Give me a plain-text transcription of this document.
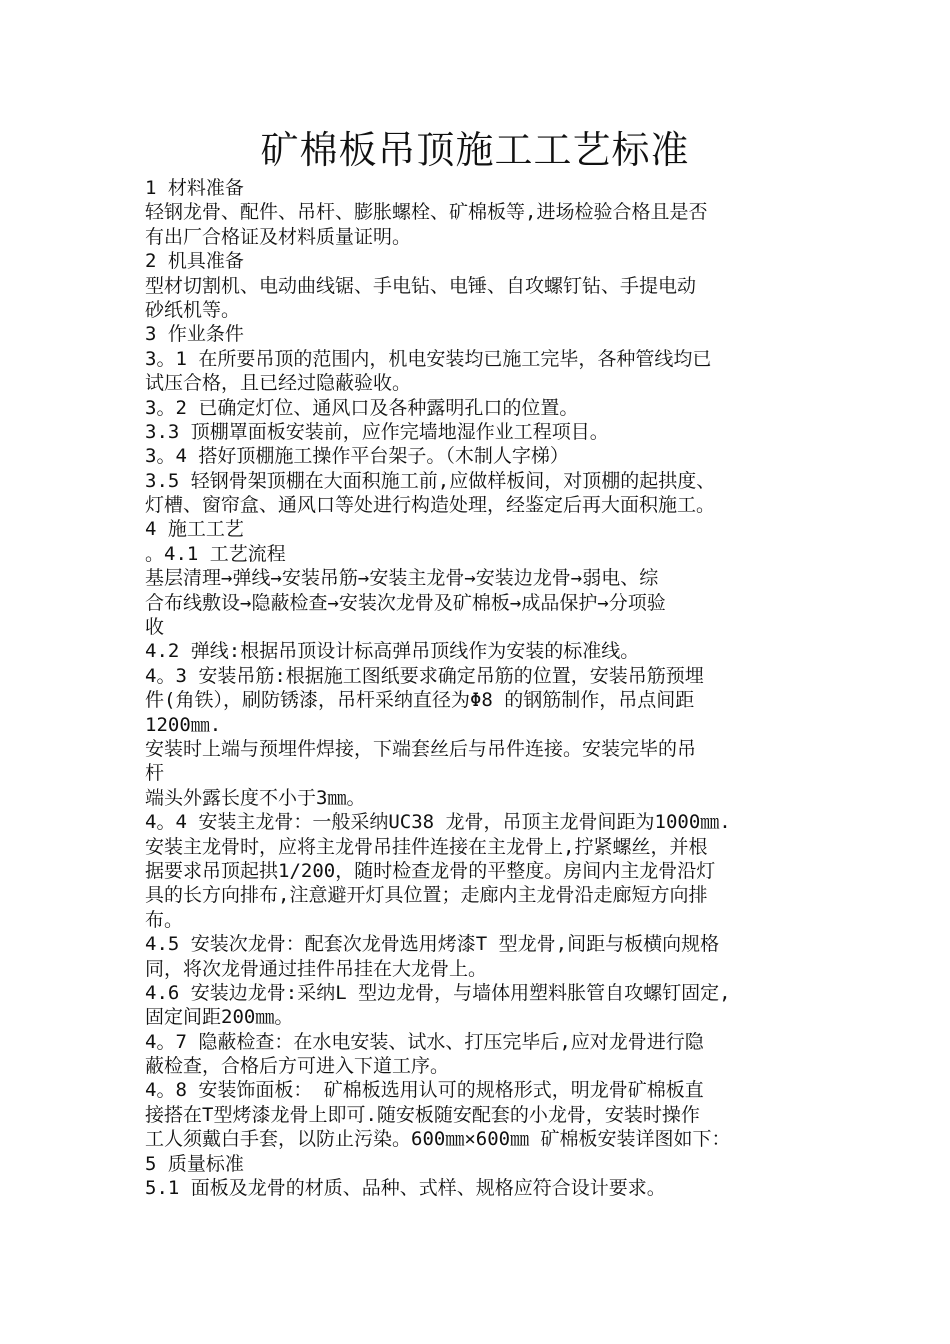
矿棉板吊顶施工工艺标准
1 材料准备
轻钢龙骨、配件、吊杆、膨胀螺栓、矿棉板等,进场检验合格且是否
有出厂合格证及材料质量证明。
2 机具准备
型材切割机、电动曲线锯、手电钻、电锤、自攻螺钉钻、手提电动
砂纸机等。
3 作业条件
3。1 在所要吊顶的范围内，机电安装均已施工完毕，各种管线均已
试压合格，且已经过隐蔽验收。
3。2 已确定灯位、通风口及各种露明孔口的位置。
3.3 顶棚罩面板安装前，应作完墙地湿作业工程项目。
3。4 搭好顶棚施工操作平台架子。（木制人字梯）
3.5 轻钢骨架顶棚在大面积施工前,应做样板间，对顶棚的起拱度、
灯槽、窗帘盒、通风口等处进行构造处理，经鉴定后再大面积施工。
4 施工工艺
。4.1 工艺流程
基层清理→弹线→安装吊筋→安装主龙骨→安装边龙骨→弱电、综
合布线敷设→隐蔽检查→安装次龙骨及矿棉板→成品保护→分项验
收
4.2 弹线:根据吊顶设计标高弹吊顶线作为安装的标准线。
4。3 安装吊筋:根据施工图纸要求确定吊筋的位置，安装吊筋预埋
件(角铁），刷防锈漆，吊杆采纳直径为Φ8 的钢筋制作，吊点间距
1200㎜.
安装时上端与预埋件焊接，下端套丝后与吊件连接。安装完毕的吊
杆
端头外露长度不小于3㎜。
4。4 安装主龙骨：一般采纳UC38 龙骨，吊顶主龙骨间距为1000㎜.
安装主龙骨时，应将主龙骨吊挂件连接在主龙骨上,拧紧螺丝，并根
据要求吊顶起拱1/200，随时检查龙骨的平整度。房间内主龙骨沿灯
具的长方向排布,注意避开灯具位置；走廊内主龙骨沿走廊短方向排
布。
4.5 安装次龙骨：配套次龙骨选用烤漆T 型龙骨,间距与板横向规格
同，将次龙骨通过挂件吊挂在大龙骨上。
4.6 安装边龙骨:采纳L 型边龙骨，与墙体用塑料胀管自攻螺钉固定,
固定间距200㎜。
4。7 隐蔽检查：在水电安装、试水、打压完毕后,应对龙骨进行隐
蔽检查，合格后方可进入下道工序。
4。8 安装饰面板： 矿棉板选用认可的规格形式，明龙骨矿棉板直
接搭在T型烤漆龙骨上即可.随安板随安配套的小龙骨，安装时操作
工人须戴白手套，以防止污染。600㎜×600㎜ 矿棉板安装详图如下：
5 质量标准
5.1 面板及龙骨的材质、品种、式样、规格应符合设计要求。
